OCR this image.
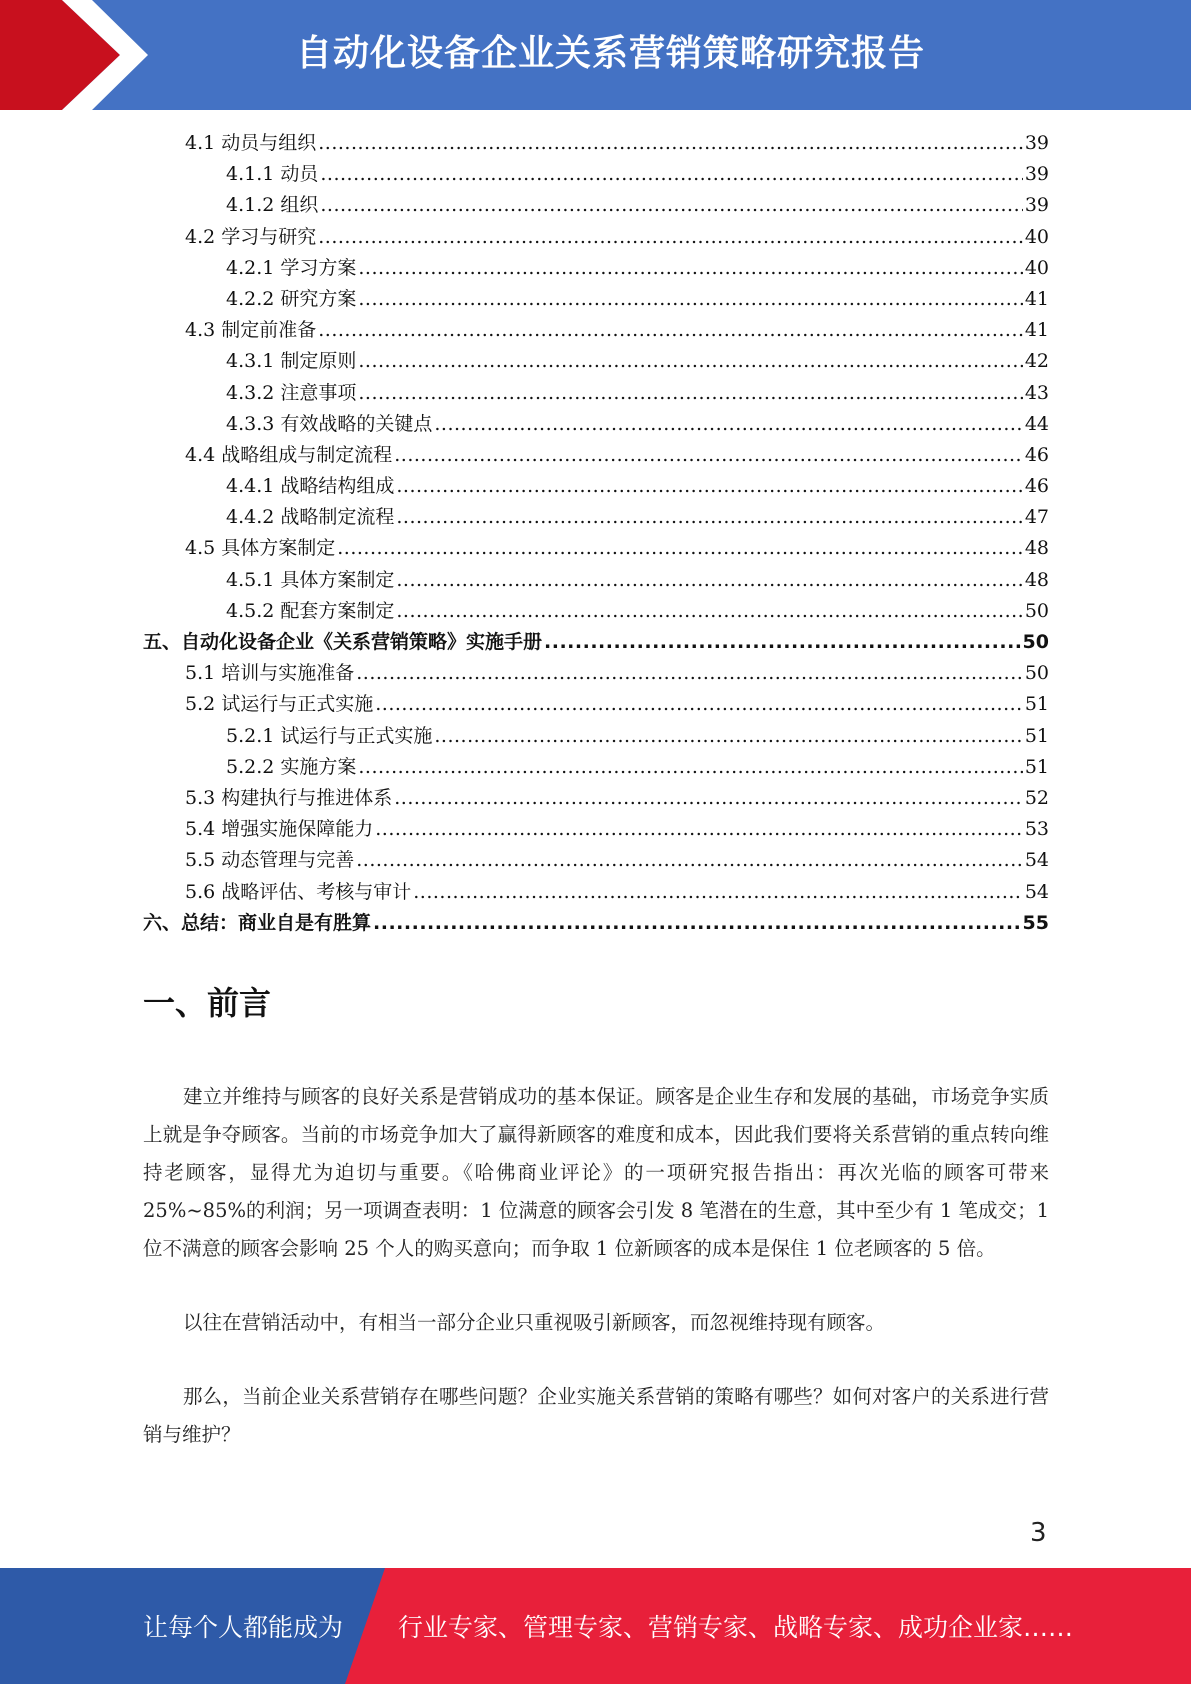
自动化设备企业关系营销策略研究报告
4.1 动员与组织 .....	39
4.1.1 动员 .....	39
4.1.2 组织 .....	39
4.2 学习与研究 .....	40
4.2.1 学习方案 .....	40
4.2.2 研究方案 .....	41
4.3 制定前准备 .....	41
4.3.1 制定原则 .....	42
4.3.2 注意事项 .....	43
4.3.3 有效战略的关键点 .....	44
4.4 战略组成与制定流程 .....	46
4.4.1 战略结构组成 .....	46
4.4.2 战略制定流程 .....	47
4.5 具体方案制定 .....	48
4.5.1 具体方案制定 .....	48
4.5.2 配套方案制定 .....	50
五、自动化设备企业《关系营销策略》实施手册 .....	50
5.1 培训与实施准备 .....	50
5.2 试运行与正式实施 .....	51
5.2.1 试运行与正式实施 .....	51
5.2.2 实施方案 .....	51
5.3 构建执行与推进体系 .....	52
5.4 增强实施保障能力 .....	53
5.5 动态管理与完善 .....	54
5.6 战略评估、考核与审计 .....	54
六、总结：商业自是有胜算 .....	55
一、前言

建立并维持与顾客的良好关系是营销成功的基本保证。顾客是企业生存和发展的基础，市场竞争实质上就是争夺顾客。当前的市场竞争加大了赢得新顾客的难度和成本，因此我们要将关系营销的重点转向维持老顾客，显得尤为迫切与重要。《哈佛商业评论》的一项研究报告指出：再次光临的顾客可带来 25%~85%的利润；另一项调查表明：1 位满意的顾客会引发 8 笔潜在的生意，其中至少有 1 笔成交；1 位不满意的顾客会影响 25 个人的购买意向；而争取 1 位新顾客的成本是保住 1 位老顾客的 5 倍。

以往在营销活动中，有相当一部分企业只重视吸引新顾客，而忽视维持现有顾客。

那么，当前企业关系营销存在哪些问题？企业实施关系营销的策略有哪些？如何对客户的关系进行营销与维护？

3
让每个人都能成为 行业专家、管理专家、营销专家、战略专家、成功企业家……
